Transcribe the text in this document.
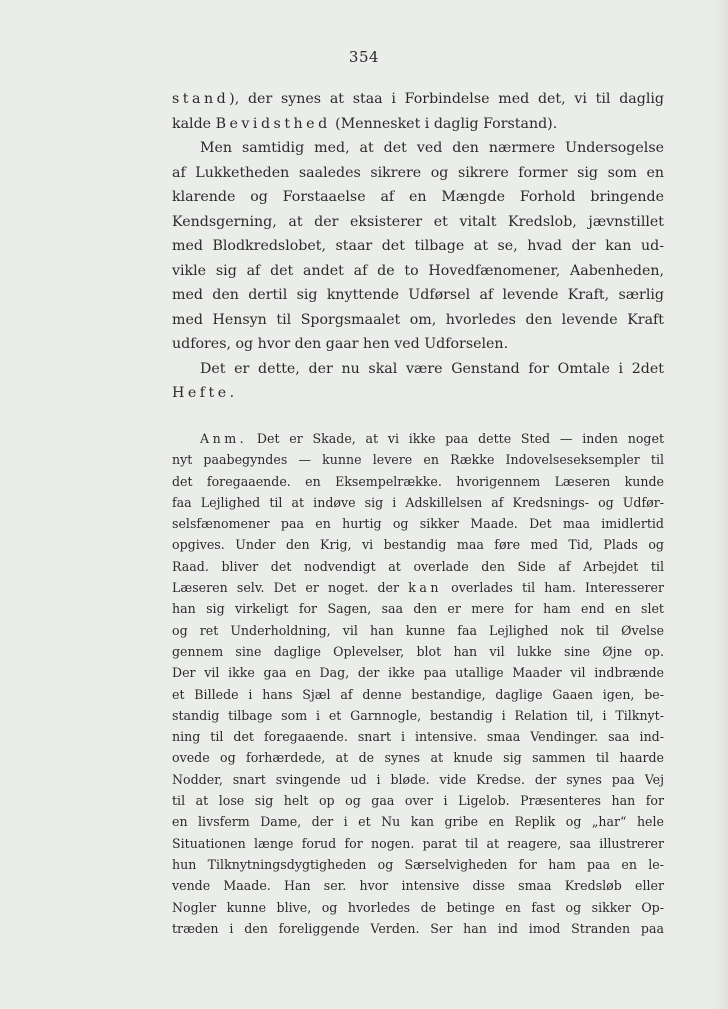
354
stand), der synes at staa i Forbindelse med det, vi til daglig
kalde Bevidsthed (Mennesket i daglig Forstand).
Men samtidig med, at det ved den nærmere Undersogelse
af Lukketheden saaledes sikrere og sikrere former sig som en
klarende og Forstaaelse af en Mængde Forhold bringende
Kendsgerning, at der eksisterer et vitalt Kredslob, jævnstillet
med Blodkredslobet, staar det tilbage at se, hvad der kan ud-
vikle sig af det andet af de to Hovedfænomener, Aabenheden,
med den dertil sig knyttende Udførsel af levende Kraft, særlig
med Hensyn til Sporgsmaalet om, hvorledes den levende Kraft
udfores, og hvor den gaar hen ved Udforselen.
Det er dette, der nu skal være Genstand for Omtale i 2det
Hefte.
Anm. Det er Skade, at vi ikke paa dette Sted — inden noget
nyt paabegyndes — kunne levere en Række Indovelseseksempler til
det foregaaende. en Eksempelrække. hvorigennem Læseren kunde
faa Lejlighed til at indøve sig i Adskillelsen af Kredsnings- og Udfør-
selsfænomener paa en hurtig og sikker Maade. Det maa imidlertid
opgives. Under den Krig, vi bestandig maa føre med Tid, Plads og
Raad. bliver det nodvendigt at overlade den Side af Arbejdet til
Læseren selv. Det er noget. der kan overlades til ham. Interesserer
han sig virkeligt for Sagen, saa den er mere for ham end en slet
og ret Underholdning, vil han kunne faa Lejlighed nok til Øvelse
gennem sine daglige Oplevelser, blot han vil lukke sine Øjne op.
Der vil ikke gaa en Dag, der ikke paa utallige Maader vil indbrænde
et Billede i hans Sjæl af denne bestandige, daglige Gaaen igen, be-
standig tilbage som i et Garnnogle, bestandig i Relation til, i Tilknyt-
ning til det foregaaende. snart i intensive. smaa Vendinger. saa ind-
ovede og forhærdede, at de synes at knude sig sammen til haarde
Nodder, snart svingende ud i bløde. vide Kredse. der synes paa Vej
til at lose sig helt op og gaa over i Ligelob. Præsenteres han for
en livsferm Dame, der i et Nu kan gribe en Replik og „har“ hele
Situationen længe forud for nogen. parat til at reagere, saa illustrerer
hun Tilknytningsdygtigheden og Særselvigheden for ham paa en le-
vende Maade. Han ser. hvor intensive disse smaa Kredsløb eller
Nogler kunne blive, og hvorledes de betinge en fast og sikker Op-
træden i den foreliggende Verden. Ser han ind imod Stranden paa
